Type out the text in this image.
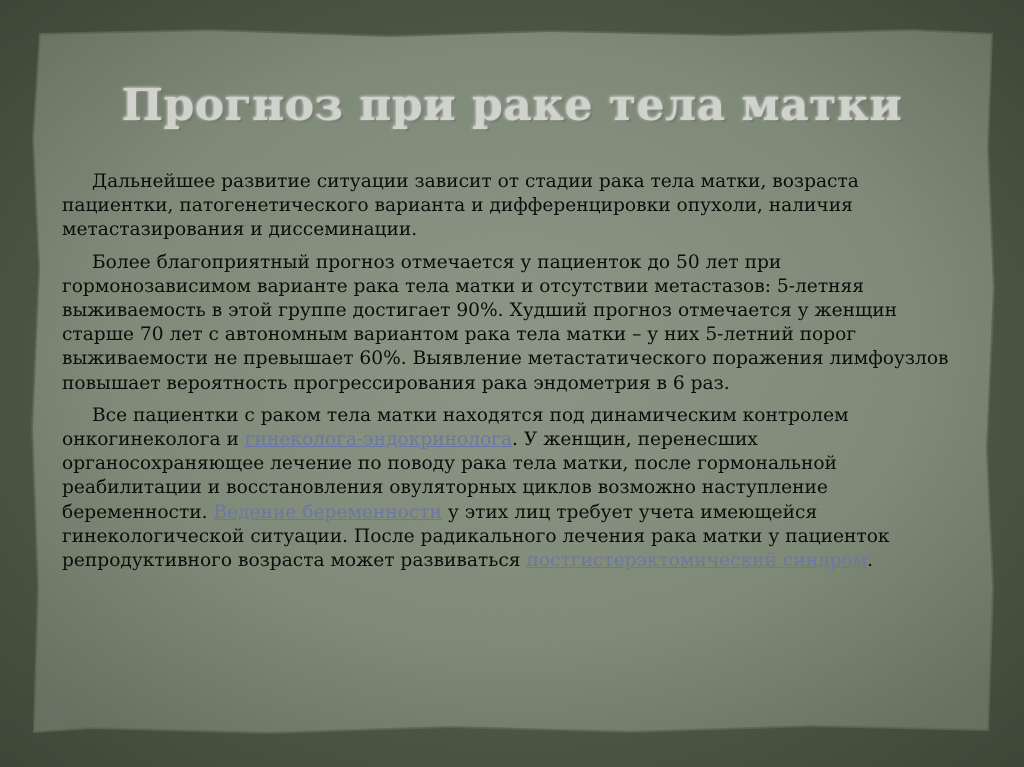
Прогноз при раке тела матки

Дальнейшее развитие ситуации зависит от стадии рака тела матки, возраста пациентки, патогенетического варианта и дифференцировки опухоли, наличия метастазирования и диссеминации.

Более благоприятный прогноз отмечается у пациенток до 50 лет при гормонозависимом варианте рака тела матки и отсутствии метастазов: 5-летняя выживаемость в этой группе достигает 90%. Худший прогноз отмечается у женщин старше 70 лет с автономным вариантом рака тела матки – у них 5-летний порог выживаемости не превышает 60%. Выявление метастатического поражения лимфоузлов повышает вероятность прогрессирования рака эндометрия в 6 раз.

Все пациентки с раком тела матки находятся под динамическим контролем онкогинеколога и гинеколога-эндокринолога. У женщин, перенесших органосохраняющее лечение по поводу рака тела матки, после гормональной реабилитации и восстановления овуляторных циклов возможно наступление беременности. Ведение беременности у этих лиц требует учета имеющейся гинекологической ситуации. После радикального лечения рака матки у пациенток репродуктивного возраста может развиваться постгистерэктомический синдром.
